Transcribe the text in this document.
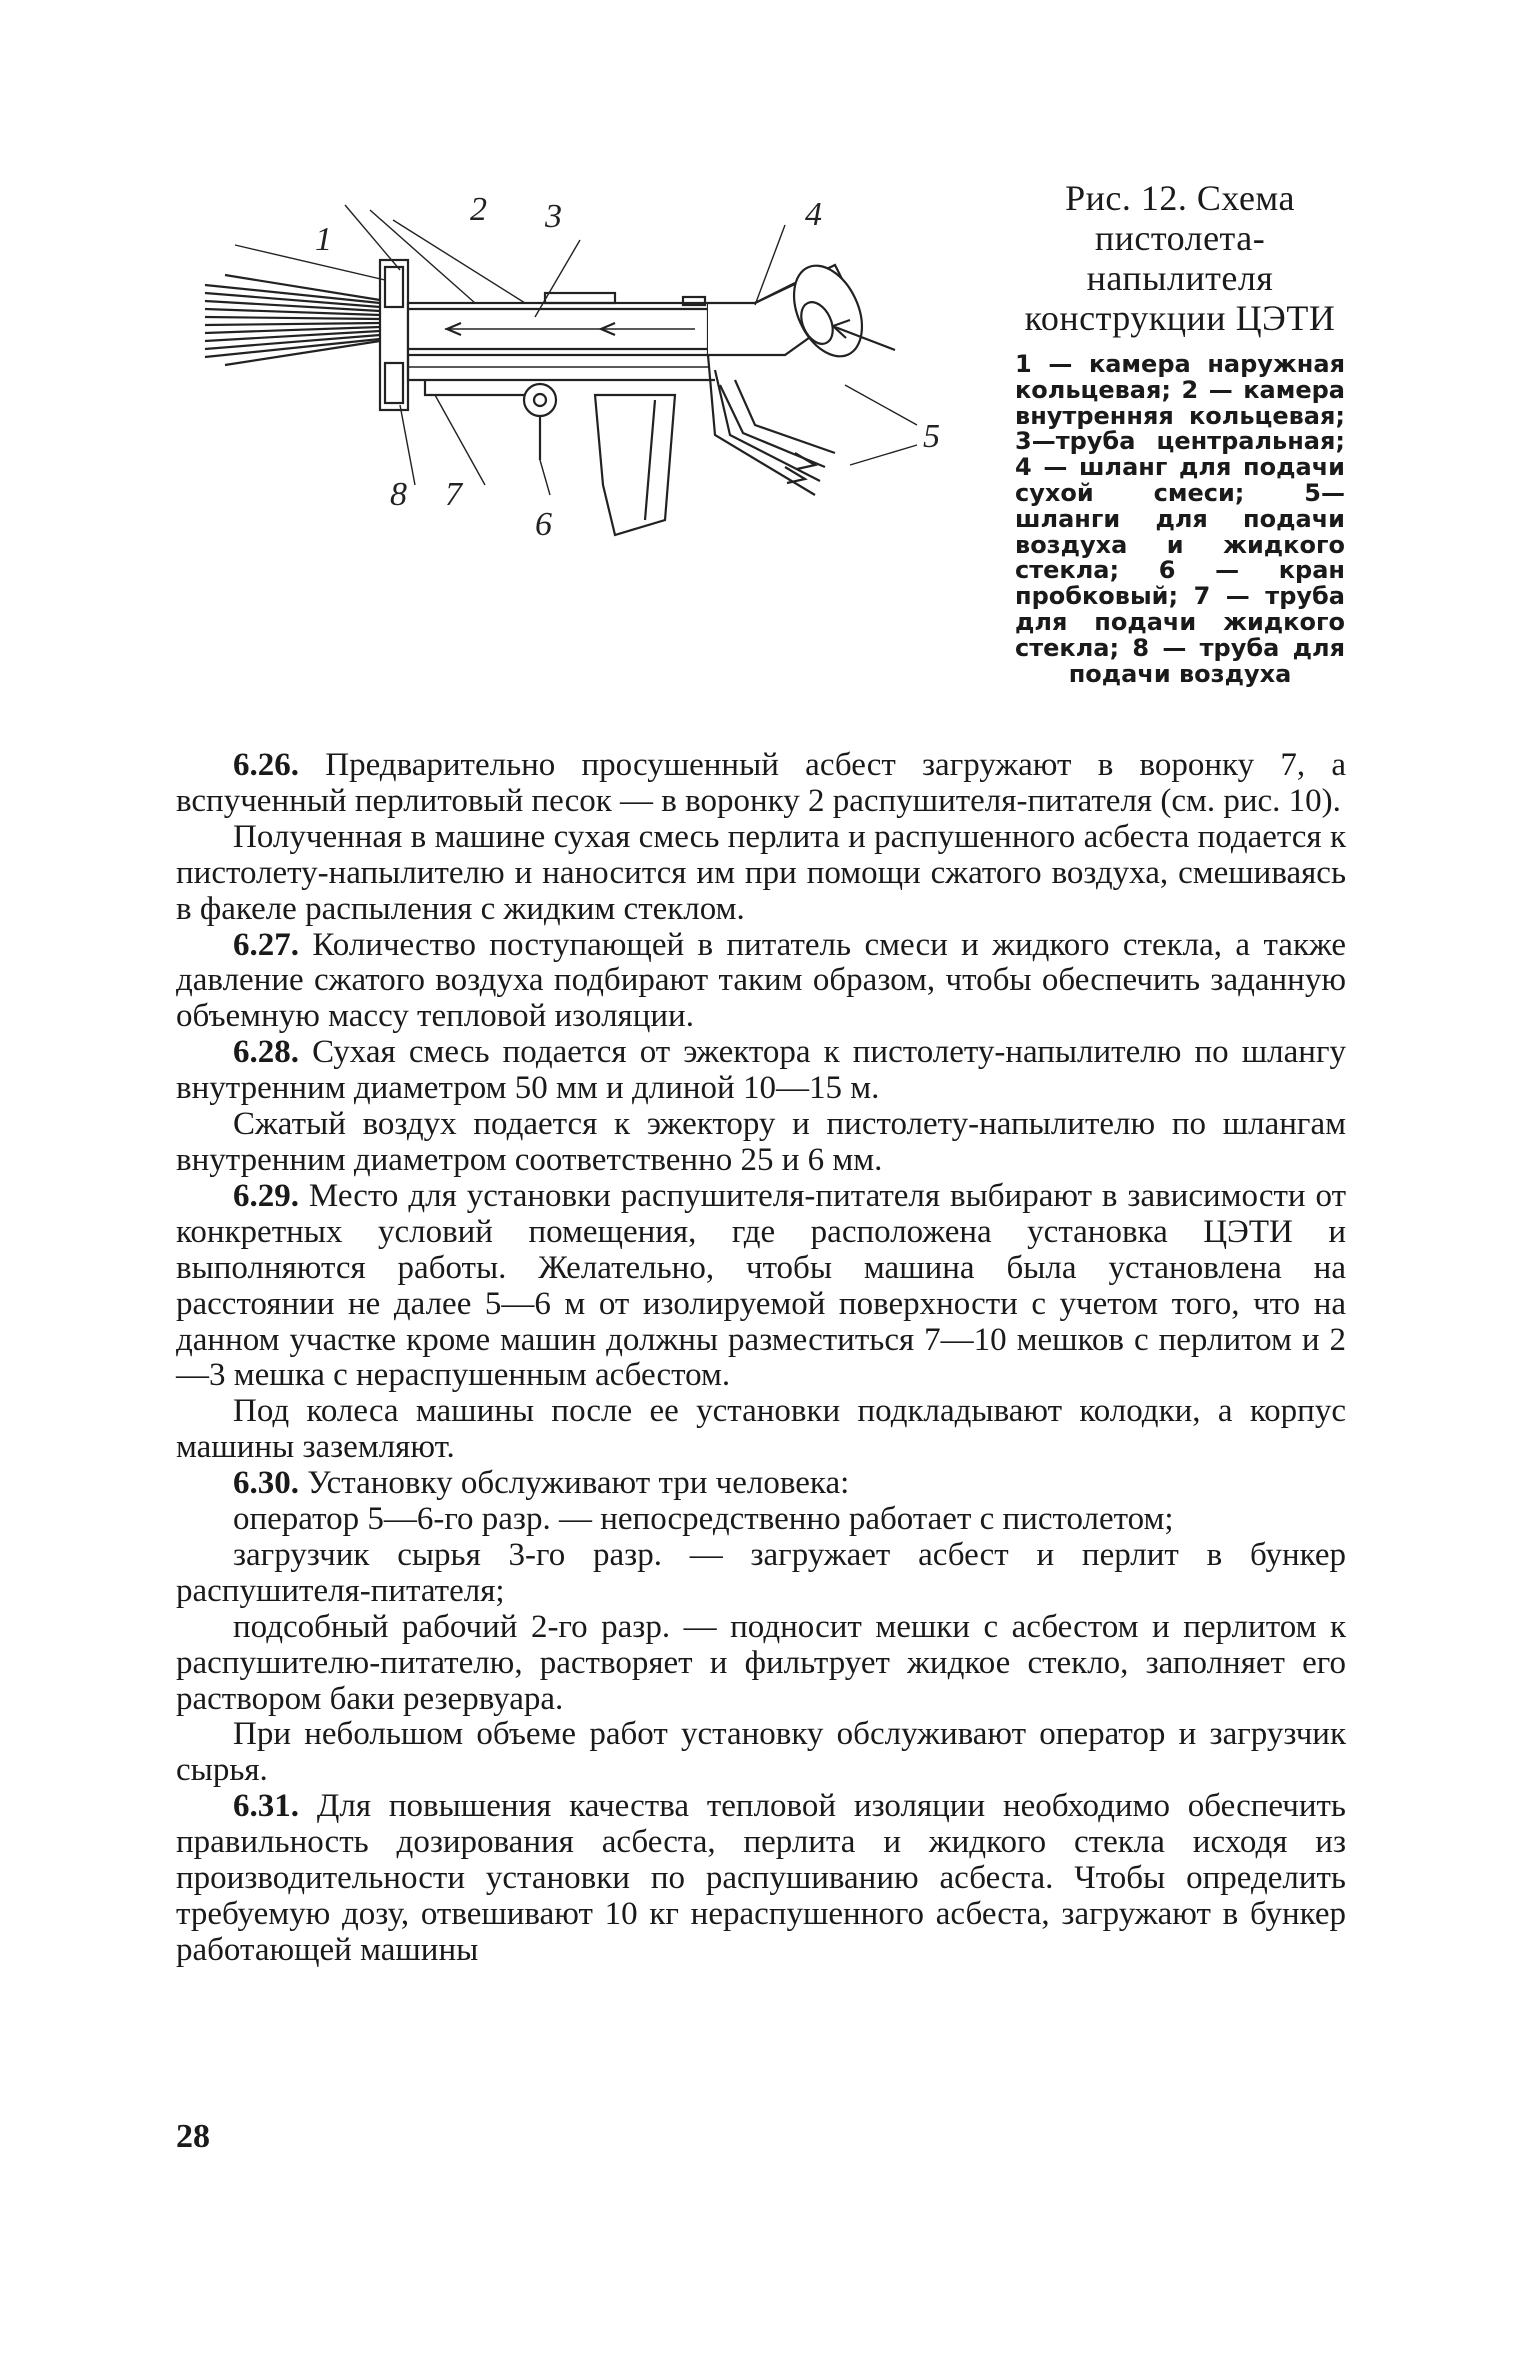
1
2 3	4
5
6
7
8

Рис. 12. Схема пистолета-напылителя конструкции ЦЭТИ

1 — камера наружная кольцевая; 2 — камера внутренняя кольцевая; 3—труба центральная; 4 — шланг для подачи сухой смеси; 5—шланги для подачи воздуха и жидкого стекла; 6 — кран пробковый; 7 — труба для подачи жидкого стекла; 8 — труба для подачи воздуха

6.26. Предварительно просушенный асбест загружают в воронку 7, а вспученный перлитовый песок — в воронку 2 распушителя-питателя (см. рис. 10).

Полученная в машине сухая смесь перлита и распушенного асбеста подается к пистолету-напылителю и наносится им при помощи сжатого воздуха, смешиваясь в факеле распыления с жидким стеклом.

6.27. Количество поступающей в питатель смеси и жидкого стекла, а также давление сжатого воздуха подбирают таким образом, чтобы обеспечить заданную объемную массу тепловой изоляции.

6.28. Сухая смесь подается от эжектора к пистолету-напылителю по шлангу внутренним диаметром 50 мм и длиной 10—15 м.

Сжатый воздух подается к эжектору и пистолету-напылителю по шлангам внутренним диаметром соответственно 25 и 6 мм.

6.29. Место для установки распушителя-питателя выбирают в зависимости от конкретных условий помещения, где расположена установка ЦЭТИ и выполняются работы. Желательно, чтобы машина была установлена на расстоянии не далее 5—6 м от изолируемой поверхности с учетом того, что на данном участке кроме машин должны разместиться 7—10 мешков с перлитом и 2—3 мешка с нераспушенным асбестом.

Под колеса машины после ее установки подкладывают колодки, а корпус машины заземляют.

6.30. Установку обслуживают три человека:

оператор 5—6-го разр. — непосредственно работает с пистолетом;

загрузчик сырья 3-го разр. — загружает асбест и перлит в бункер распушителя-питателя;

подсобный рабочий 2-го разр. — подносит мешки с асбестом и перлитом к распушителю-питателю, растворяет и фильтрует жидкое стекло, заполняет его раствором баки резервуара.

При небольшом объеме работ установку обслуживают оператор и загрузчик сырья.

6.31. Для повышения качества тепловой изоляции необходимо обеспечить правильность дозирования асбеста, перлита и жидкого стекла исходя из производительности установки по распушиванию асбеста. Чтобы определить требуемую дозу, отвешивают 10 кг нераспушенного асбеста, загружают в бункер работающей машины

28
